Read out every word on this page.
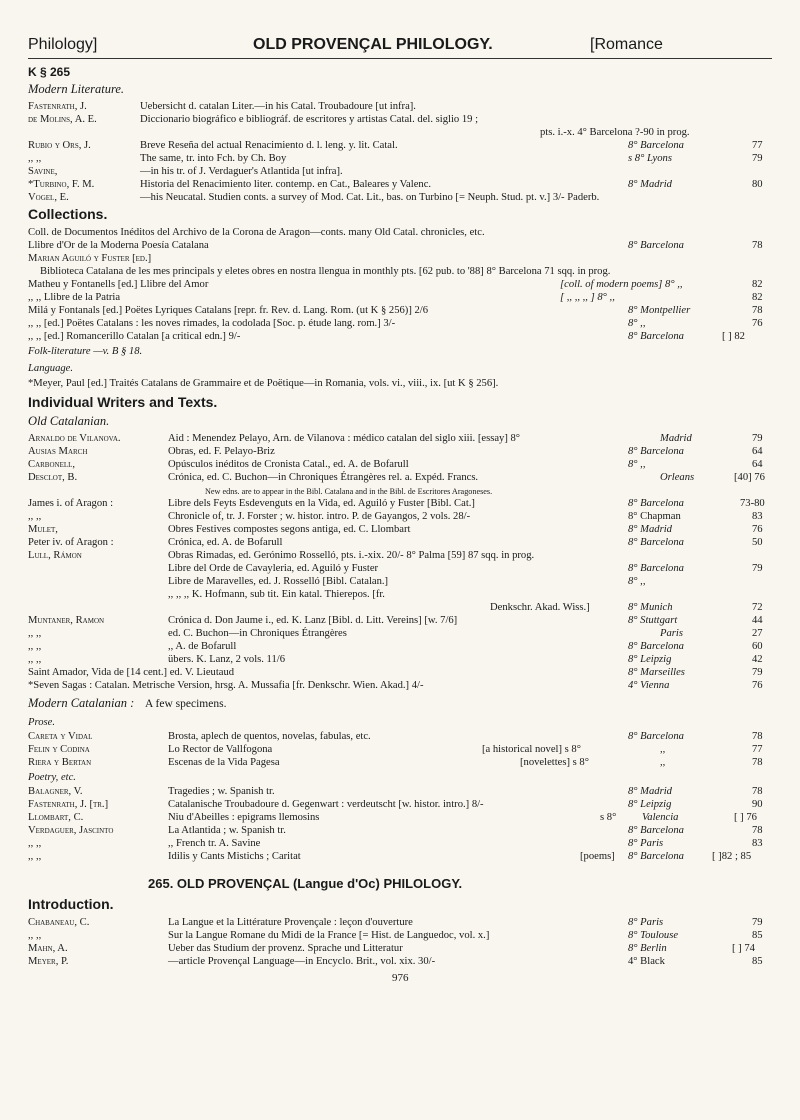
Philology]	OLD PROVENÇAL PHILOLOGY.	[Romance
K § 265
Modern Literature.
Fastenrath, J.	Uebersicht d. catalan Liter.—in his Catal. Troubadoure [ut infra].
de Molins, A. E.	Diccionario biográfico e bibliográf. de escritores y artistas Catal. del. siglio 19 ;
pts. i.-x. 4° Barcelona ?-90 in prog.
Rubio y Ors, J.	Breve Reseña del actual Renacimiento d. l. leng. y. lit. Catal.	8° Barcelona	77
,, ,,	The same, tr. into Fch. by Ch. Boy	s 8° Lyons	79
Savine,	—in his tr. of J. Verdaguer's Atlantida [ut infra].
*Turbino, F. M.	Historia del Renacimiento liter. contemp. en Cat., Baleares y Valenc.	8° Madrid	80
Vogel, E.	—his Neucatal. Studien conts. a survey of Mod. Cat. Lit., bas. on Turbino [= Neuph. Stud. pt. v.] 3/- Paderb.
Collections.
Coll. de Documentos Inéditos del Archivo de la Corona de Aragon—conts. many Old Catal. chronicles, etc.
Llibre d'Or de la Moderna Poesía Catalana	8° Barcelona	78
Marian Aguiló y Fuster [ed.]
Biblioteca Catalana de les mes principals y eletes obres en nostra llengua in monthly pts. [62 pub. to '88] 8° Barcelona 71 sqq. in prog.
Matheu y Fontanells [ed.] Llibre del Amor	[coll. of modern poems] 8° ,,	82
,, ,, Llibre de la Patria	[ ,, ,, ,, ] 8° ,,	82
Milá y Fontanals [ed.] Poëtes Lyriques Catalans [repr. fr. Rev. d. Lang. Rom. (ut K § 256)] 2/6	8° Montpellier	78
,, ,, [ed.] Poëtes Catalans : les noves rimades, la codolada [Soc. p. étude lang. rom.] 3/-	8° ,,	76
,, ,, [ed.] Romancerillo Catalan [a critical edn.] 9/-	8° Barcelona	[ ] 82
Folk-literature —v. B § 18.
Language.
*Meyer, Paul [ed.] Traités Catalans de Grammaire et de Poëtique—in Romania, vols. vi., viii., ix. [ut K § 256].
Individual Writers and Texts.
Old Catalanian.
Arnaldo de Vilanova.	Aid : Menendez Pelayo, Arn. de Vilanova : médico catalan del siglo xiii. [essay] 8°	Madrid	79
Ausias March	Obras, ed. F. Pelayo-Briz	8° Barcelona	64
Carbonell,	Opúsculos inéditos de Cronista Catal., ed. A. de Bofarull	8° ,,	64
Desclot, B.	Crónica, ed. C. Buchon—in Chroniques Étrangères rel. a. Expéd. Francs.	Orleans	[40] 76
New edns. are to appear in the Bibl. Catalana and in the Bibl. de Escritores Aragoneses.
James i. of Aragon :	Libre dels Feyts Esdevenguts en la Vida, ed. Aguiló y Fuster [Bibl. Cat.]	8° Barcelona	73-80
,, ,,	Chronicle of, tr. J. Forster ; w. histor. intro. P. de Gayangos, 2 vols. 28/-	8° Chapman	83
Mulet,	Obres Festives compostes segons antiga, ed. C. Llombart	8° Madrid	76
Peter iv. of Aragon :	Crónica, ed. A. de Bofarull	8° Barcelona	50
Lull, Rámon	Obras Rimadas, ed. Gerónimo Rosselló, pts. i.-xix. 20/- 8° Palma [59] 87 sqq. in prog.
Libre del Orde de Cavayleria, ed. Aguiló y Fuster	8° Barcelona	79
Libre de Maravelles, ed. J. Rosselló [Bibl. Catalan.]	8° ,,
,, ,, ,, K. Hofmann, sub tit. Ein katal. Thierepos. [fr.
Denkschr. Akad. Wiss.]	8° Munich	72
Muntaner, Ramon	Crónica d. Don Jaume i., ed. K. Lanz [Bibl. d. Litt. Vereins] [w. 7/6]	8° Stuttgart	44
,, ,,	ed. C. Buchon—in Chroniques Étrangères	Paris	27
,, ,,	,, A. de Bofarull	8° Barcelona	60
,, ,,	übers. K. Lanz, 2 vols. 11/6	8° Leipzig	42
Saint Amador, Vida de [14 cent.] ed. V. Lieutaud	8° Marseilles	79
*Seven Sagas : Catalan. Metrische Version, hrsg. A. Mussafia [fr. Denkschr. Wien. Akad.] 4/-	4° Vienna	76
Modern Catalanian : A few specimens.
Prose.
Careta y Vidal	Brosta, aplech de quentos, novelas, fabulas, etc.	8° Barcelona	78
Felin y Codina	Lo Rector de Vallfogona	[a historical novel] s 8°	,,	77
Riera y Bertan	Escenas de la Vida Pagesa	[novelettes] s 8°	,,	78
Poetry, etc.
Balagner, V.	Tragedies ; w. Spanish tr.	8° Madrid	78
Fastenrath, J. [tr.]	Catalanische Troubadoure d. Gegenwart : verdeutscht [w. histor. intro.] 8/-	8° Leipzig	90
Llombart, C.	Niu d'Abeilles : epigrams llemosins	s 8° Valencia	[ ] 76
Verdaguer, Jascinto	La Atlantida ; w. Spanish tr.	8° Barcelona	78
,, ,,	,, French tr. A. Savine	8° Paris	83
,, ,,	Idilis y Cants Mistichs ; Caritat	[poems] 8° Barcelona	[ ]82 ; 85
265. OLD PROVENÇAL (Langue d'Oc) PHILOLOGY.
Introduction.
Chabaneau, C.	La Langue et la Littérature Provençale : leçon d'ouverture	8° Paris	79
,, ,,	Sur la Langue Romane du Midi de la France [= Hist. de Languedoc, vol. x.]	8° Toulouse	85
Mahn, A.	Ueber das Studium der provenz. Sprache und Litteratur	8° Berlin	[ ] 74
Meyer, P.	—article Provençal Language—in Encyclo. Brit., vol. xix. 30/-	4° Black	85
976
